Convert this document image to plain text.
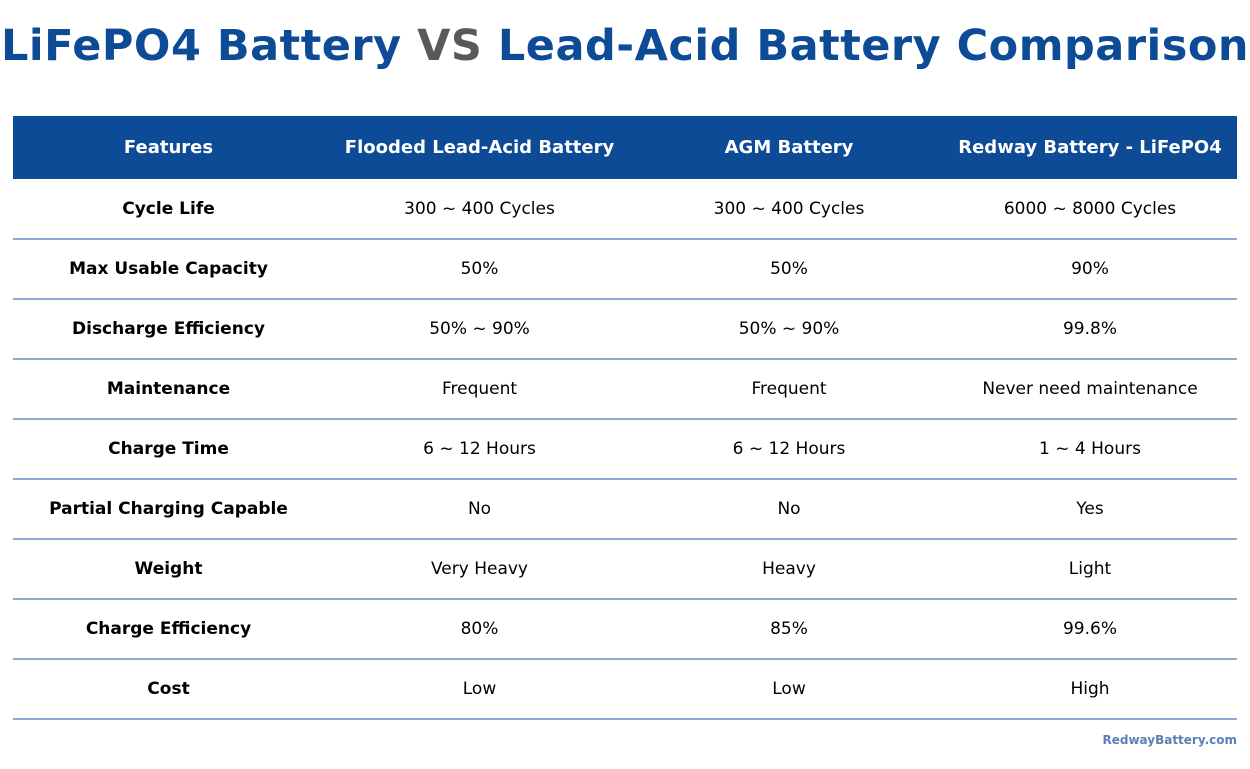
LiFePO4 Battery VS Lead-Acid Battery Comparison
Features	Flooded Lead-Acid Battery	AGM Battery	Redway Battery - LiFePO4
Cycle Life	300 ~ 400 Cycles	300 ~ 400 Cycles	6000 ~ 8000 Cycles
Max Usable Capacity	50%	50%	90%
Discharge Efficiency	50% ~ 90%	50% ~ 90%	99.8%
Maintenance	Frequent	Frequent	Never need maintenance
Charge Time	6 ~ 12 Hours	6 ~ 12 Hours	1 ~ 4 Hours
Partial Charging Capable	No	No	Yes
Weight	Very Heavy	Heavy	Light
Charge Efficiency	80%	85%	99.6%
Cost	Low	Low	High
RedwayBattery.com
